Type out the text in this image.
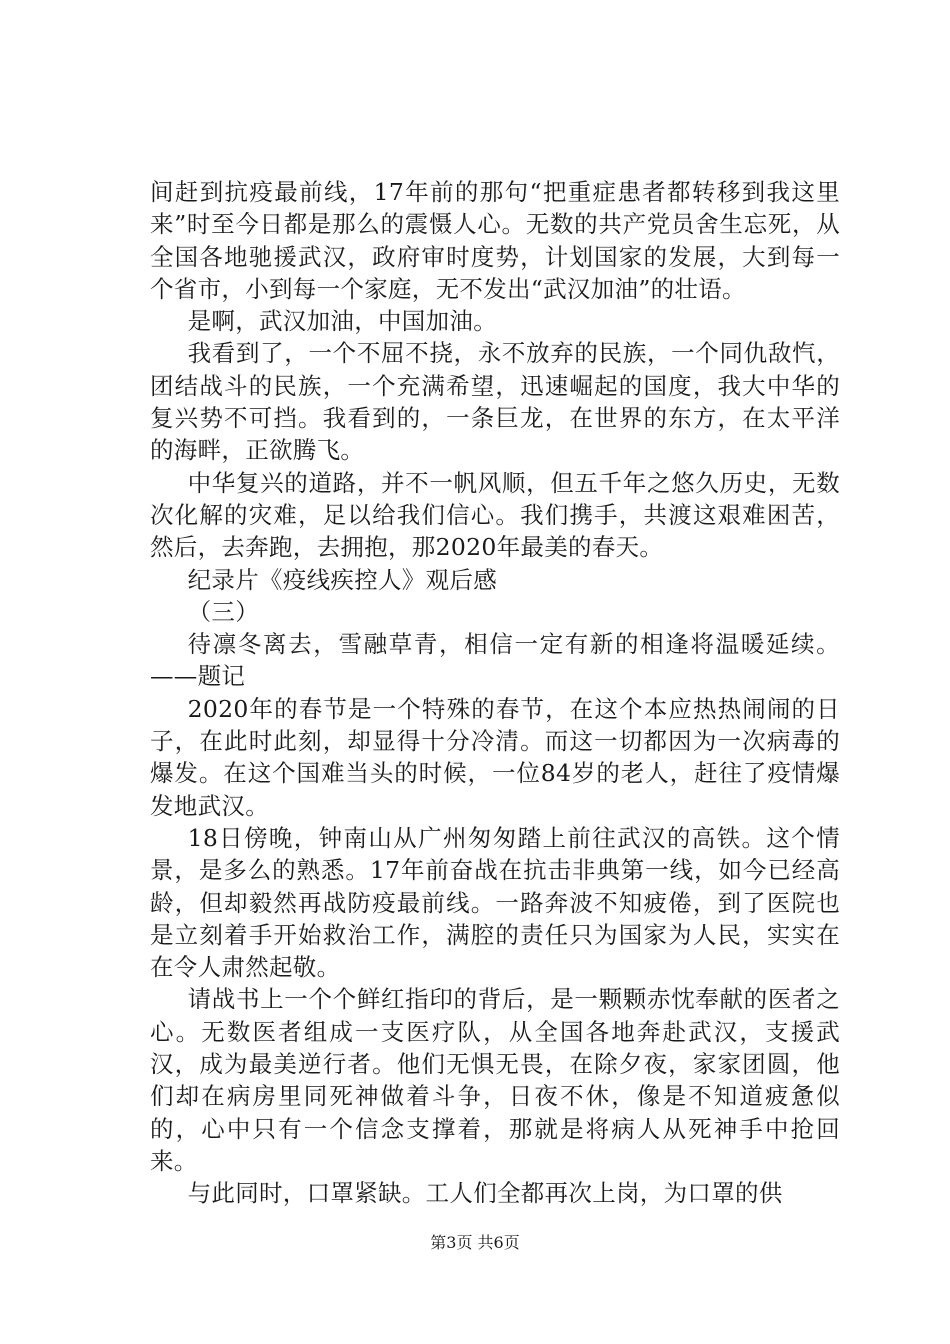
间赶到抗疫最前线，17年前的那句“把重症患者都转移到我这里来”时至今日都是那么的震慑人心。无数的共产党员舍生忘死，从全国各地驰援武汉，政府审时度势，计划国家的发展，大到每一个省市，小到每一个家庭，无不发出“武汉加油”的壮语。

是啊，武汉加油，中国加油。

我看到了，一个不屈不挠，永不放弃的民族，一个同仇敌忾，团结战斗的民族，一个充满希望，迅速崛起的国度，我大中华的复兴势不可挡。我看到的，一条巨龙，在世界的东方，在太平洋的海畔，正欲腾飞。

中华复兴的道路，并不一帆风顺，但五千年之悠久历史，无数次化解的灾难，足以给我们信心。我们携手，共渡这艰难困苦，然后，去奔跑，去拥抱，那2020年最美的春天。

纪录片《疫线疾控人》观后感

（三）

待凛冬离去，雪融草青，相信一定有新的相逢将温暖延续。——题记

2020年的春节是一个特殊的春节，在这个本应热热闹闹的日子，在此时此刻，却显得十分冷清。而这一切都因为一次病毒的爆发。在这个国难当头的时候，一位84岁的老人，赶往了疫情爆发地武汉。

18日傍晚，钟南山从广州匆匆踏上前往武汉的高铁。这个情景，是多么的熟悉。17年前奋战在抗击非典第一线，如今已经高龄，但却毅然再战防疫最前线。一路奔波不知疲倦，到了医院也是立刻着手开始救治工作，满腔的责任只为国家为人民，实实在在令人肃然起敬。

请战书上一个个鲜红指印的背后，是一颗颗赤忱奉献的医者之心。无数医者组成一支医疗队，从全国各地奔赴武汉，支援武汉，成为最美逆行者。他们无惧无畏，在除夕夜，家家团圆，他们却在病房里同死神做着斗争，日夜不休，像是不知道疲惫似的，心中只有一个信念支撑着，那就是将病人从死神手中抢回来。

与此同时，口罩紧缺。工人们全都再次上岗，为口罩的供

第3页 共6页
